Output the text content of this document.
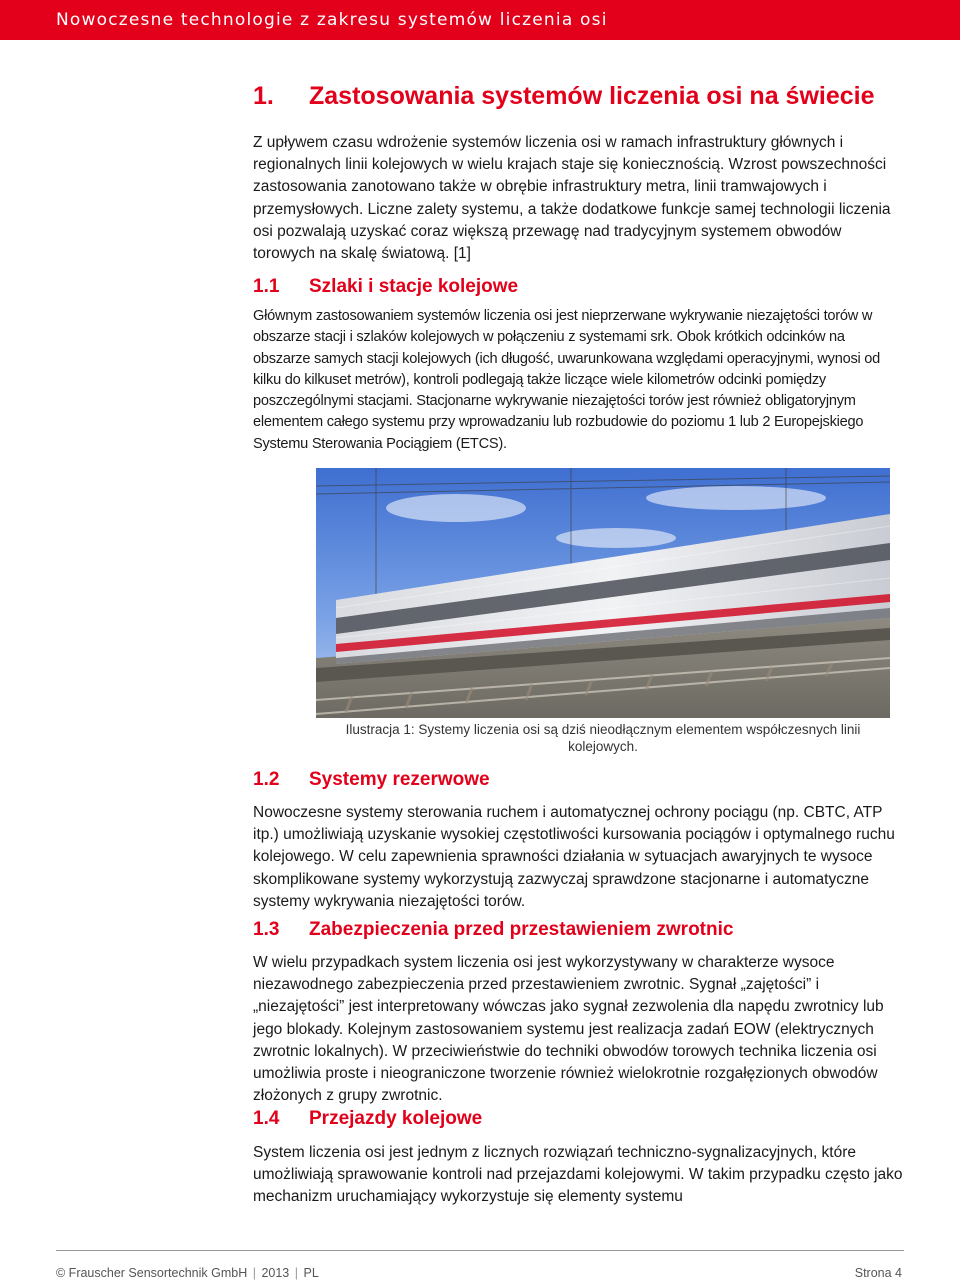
Nowoczesne technologie z zakresu systemów liczenia osi
1. Zastosowania systemów liczenia osi na świecie

Z upływem czasu wdrożenie systemów liczenia osi w ramach infrastruktury głównych i regionalnych linii kolejowych w wielu krajach staje się koniecznością. Wzrost powszechności zastosowania zanotowano także w obrębie infrastruktury metra, linii tramwajowych i przemysłowych. Liczne zalety systemu, a także dodatkowe funkcje samej technologii liczenia osi pozwalają uzyskać coraz większą przewagę nad tradycyjnym systemem obwodów torowych na skalę światową. [1]

1.1 Szlaki i stacje kolejowe

Głównym zastosowaniem systemów liczenia osi jest nieprzerwane wykrywanie niezajętości torów w obszarze stacji i szlaków kolejowych w połączeniu z systemami srk. Obok krótkich odcinków na obszarze samych stacji kolejowych (ich długość, uwarunkowana względami operacyjnymi, wynosi od kilku do kilkuset metrów), kontroli podlegają także liczące wiele kilometrów odcinki pomiędzy poszczególnymi stacjami. Stacjonarne wykrywanie niezajętości torów jest również obligatoryjnym elementem całego systemu przy wprowadzaniu lub rozbudowie do poziomu 1 lub 2 Europejskiego Systemu Sterowania Pociągiem (ETCS).

Ilustracja 1: Systemy liczenia osi są dziś nieodłącznym elementem współczesnych linii kolejowych.

1.2 Systemy rezerwowe

Nowoczesne systemy sterowania ruchem i automatycznej ochrony pociągu (np. CBTC, ATP itp.) umożliwiają uzyskanie wysokiej częstotliwości kursowania pociągów i optymalnego ruchu kolejowego. W celu zapewnienia sprawności działania w sytuacjach awaryjnych te wysoce skomplikowane systemy wykorzystują zazwyczaj sprawdzone stacjonarne i automatyczne systemy wykrywania niezajętości torów.

1.3 Zabezpieczenia przed przestawieniem zwrotnic

W wielu przypadkach system liczenia osi jest wykorzystywany w charakterze wysoce niezawodnego zabezpieczenia przed przestawieniem zwrotnic. Sygnał „zajętości” i „niezajętości” jest interpretowany wówczas jako sygnał zezwolenia dla napędu zwrotnicy lub jego blokady. Kolejnym zastosowaniem systemu jest realizacja zadań EOW (elektrycznych zwrotnic lokalnych). W przeciwieństwie do techniki obwodów torowych technika liczenia osi umożliwia proste i nieograniczone tworzenie również wielokrotnie rozgałęzionych obwodów złożonych z grupy zwrotnic.

1.4 Przejazdy kolejowe

System liczenia osi jest jednym z licznych rozwiązań techniczno-sygnalizacyjnych, które umożliwiają sprawowanie kontroli nad przejazdami kolejowymi. W takim przypadku często jako mechanizm uruchamiający wykorzystuje się elementy systemu

© Frauscher Sensortechnik GmbH | 2013 | PL	Strona 4
